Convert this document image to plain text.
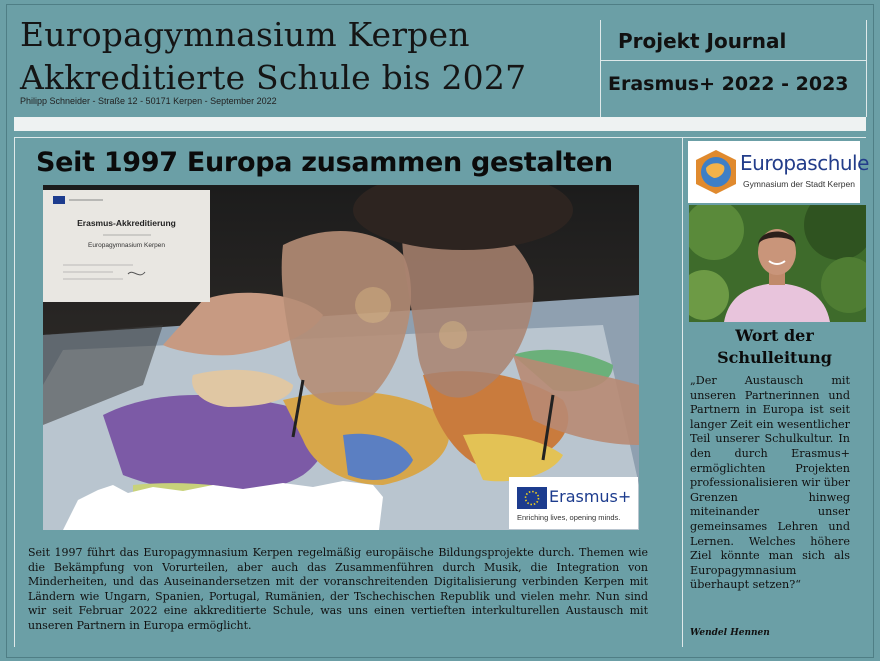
Europagymnasium Kerpen
Akkreditierte Schule bis 2027
Philipp Schneider - Straße 12 - 50171 Kerpen - September 2022
Projekt Journal
Erasmus+ 2022 - 2023
Seit 1997 Europa zusammen gestalten
Erasmus-Akkreditierung
Europagymnasium Kerpen
Erasmus+
Enriching lives, opening minds.
Seit 1997 führt das Europagymnasium Kerpen regelmäßig europäische Bildungsprojekte durch. Themen wie die Bekämpfung von Vorurteilen, aber auch das Zusammenführen durch Musik, die Integration von Minderheiten, und das Auseinandersetzen mit der voranschreitenden Digitalisierung verbinden Kerpen mit Ländern wie Ungarn, Spanien, Portugal, Rumänien, der Tschechischen Republik und vielen mehr. Nun sind wir seit Februar 2022 eine akkreditierte Schule, was uns einen vertieften interkulturellen Austausch mit unseren Partnern in Europa ermöglicht.
Europaschule
Gymnasium der Stadt Kerpen
Wort der Schulleitung
„Der Austausch mit unseren Partnerinnen und Partnern in Europa ist seit langer Zeit ein wesentlicher Teil unserer Schulkultur. In den durch Erasmus+ ermöglichten Projekten professionalisieren wir über Grenzen hinweg miteinander unser gemeinsames Lehren und Lernen. Welches höhere Ziel könnte man sich als Europagymnasium überhaupt setzen?“
Wendel Hennen
